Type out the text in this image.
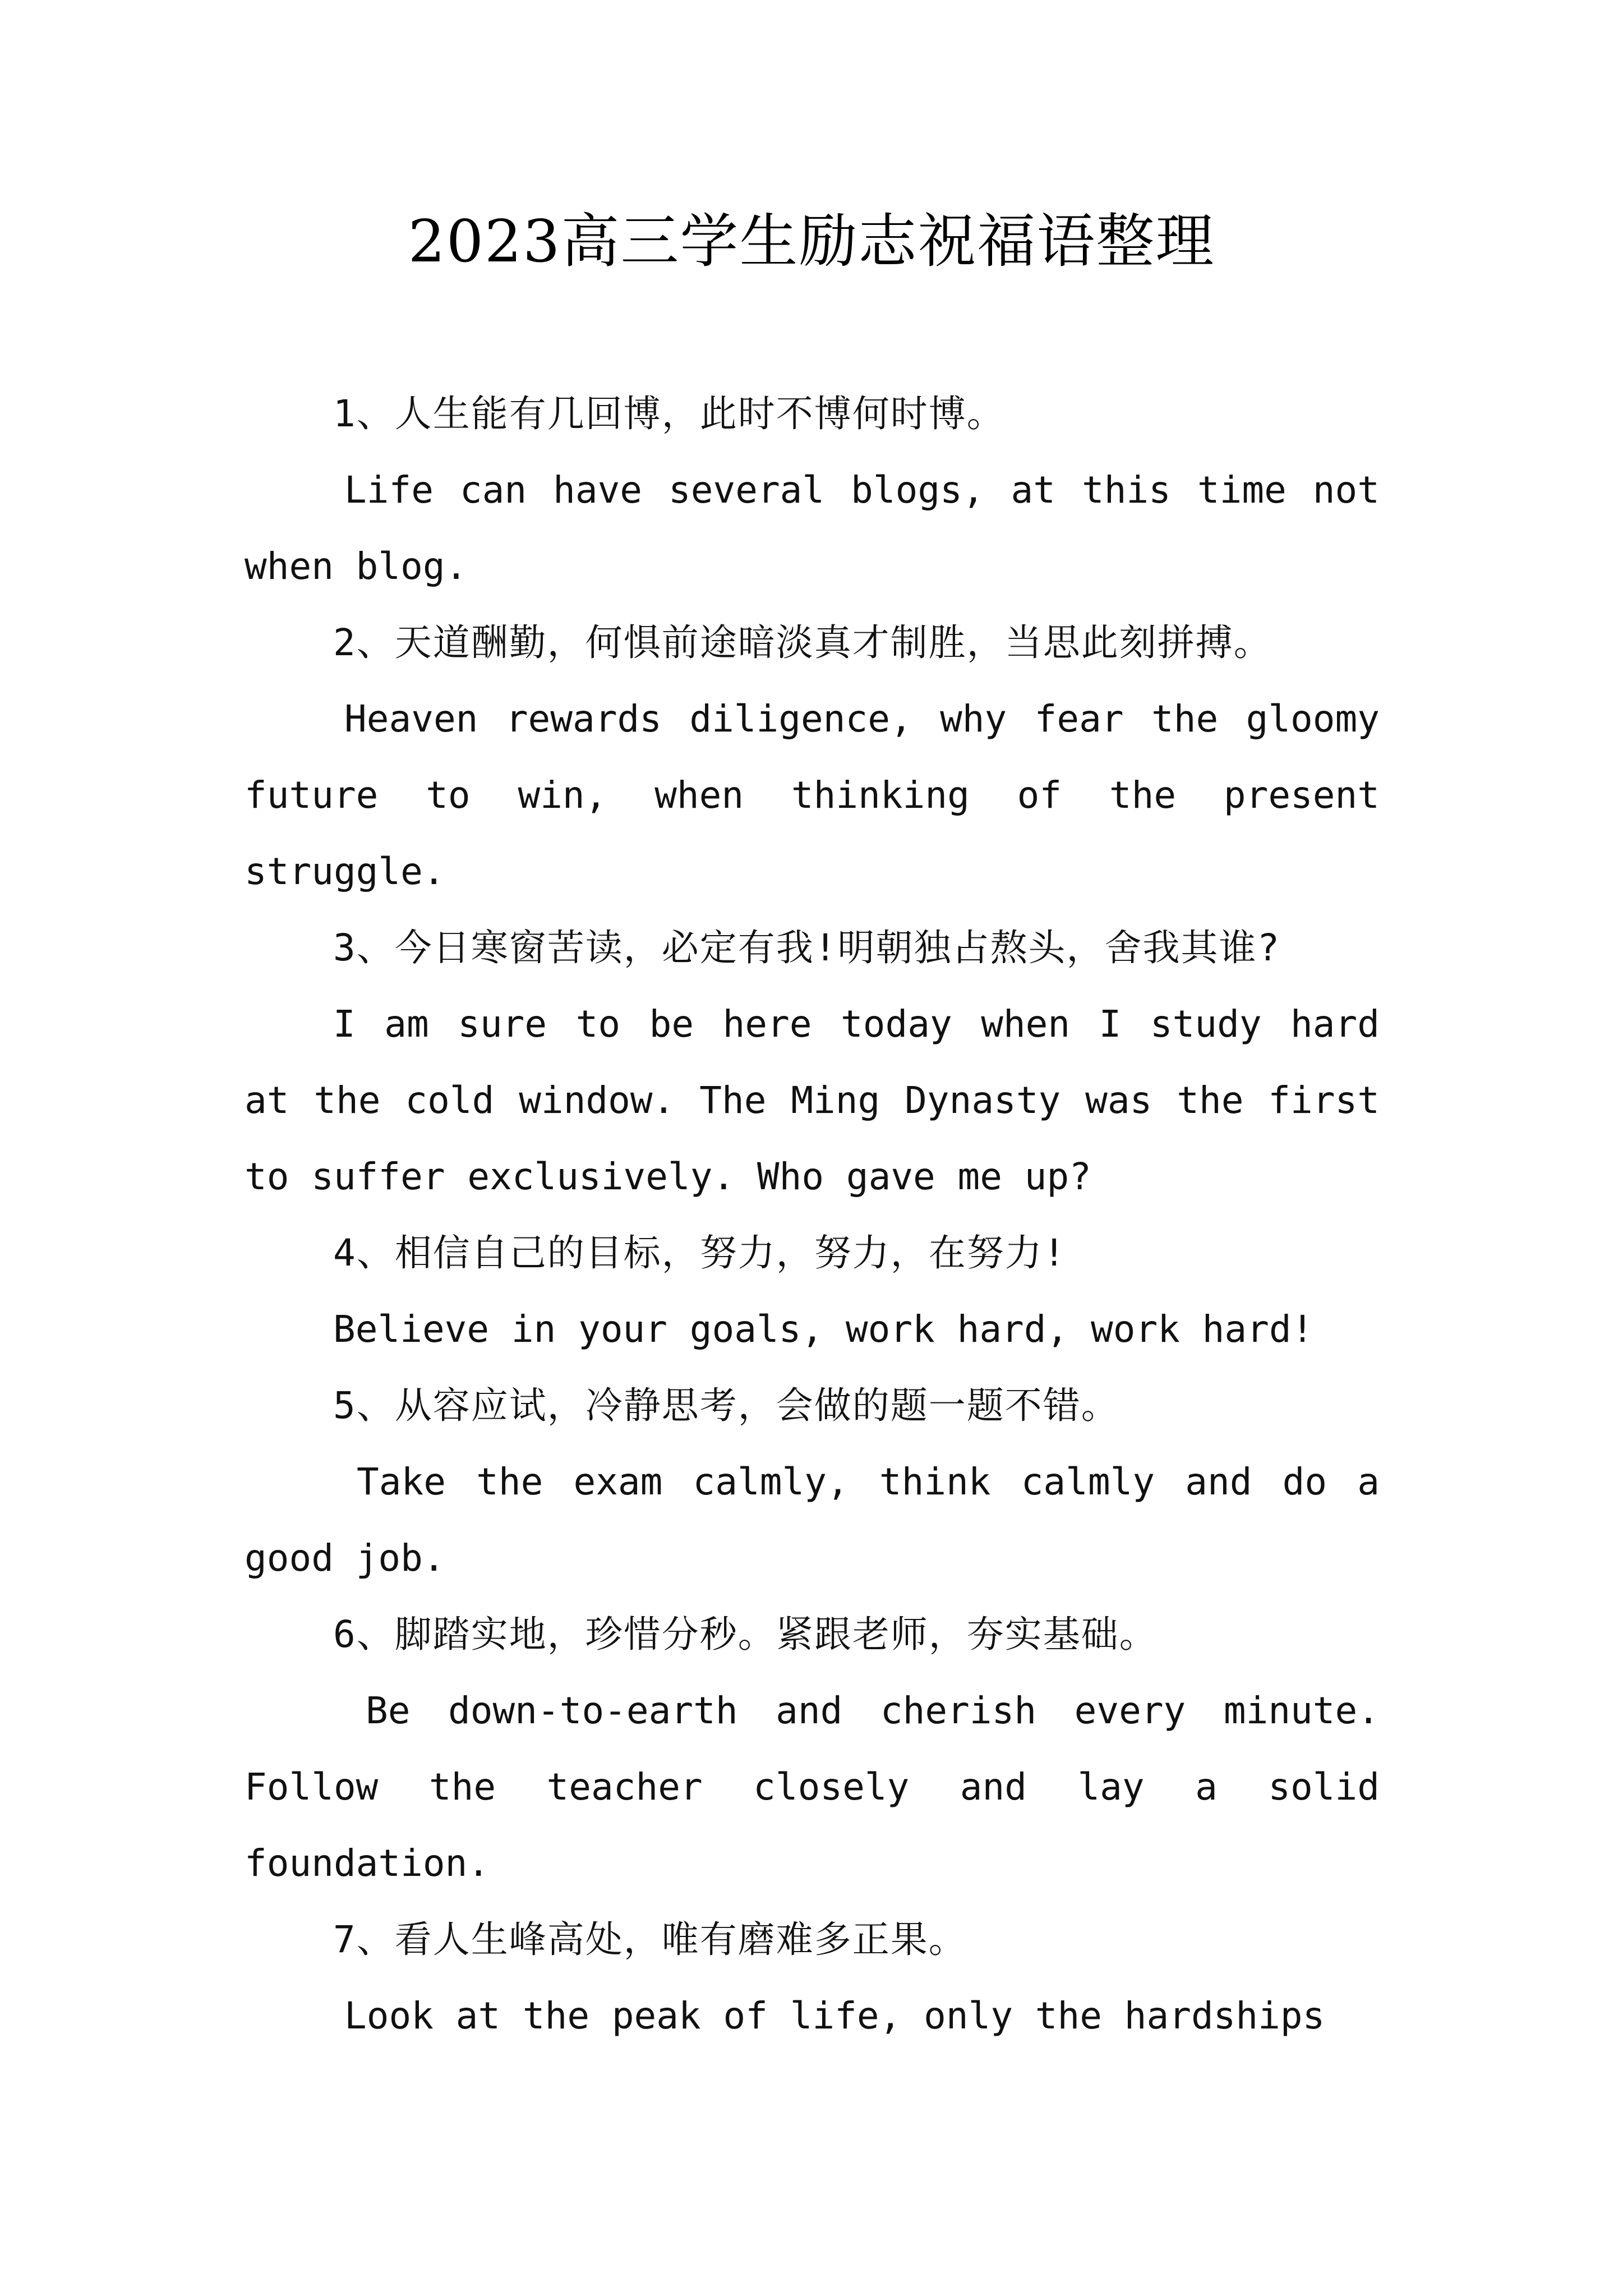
2023高三学生励志祝福语整理
1、人生能有几回博，此时不博何时博。
Life can have several blogs, at this time not when blog.
2、天道酬勤，何惧前途暗淡真才制胜，当思此刻拼搏。
Heaven rewards diligence, why fear the gloomy future to win, when thinking of the present struggle.
3、今日寒窗苦读，必定有我!明朝独占熬头，舍我其谁?
I am sure to be here today when I study hard at the cold window. The Ming Dynasty was the first to suffer exclusively. Who gave me up?
4、相信自己的目标，努力，努力，在努力!
Believe in your goals, work hard, work hard!
5、从容应试，冷静思考，会做的题一题不错。
Take the exam calmly, think calmly and do a good job.
6、脚踏实地，珍惜分秒。紧跟老师，夯实基础。
Be down-to-earth and cherish every minute. Follow the teacher closely and lay a solid foundation.
7、看人生峰高处，唯有磨难多正果。
Look at the peak of life, only the hardships
